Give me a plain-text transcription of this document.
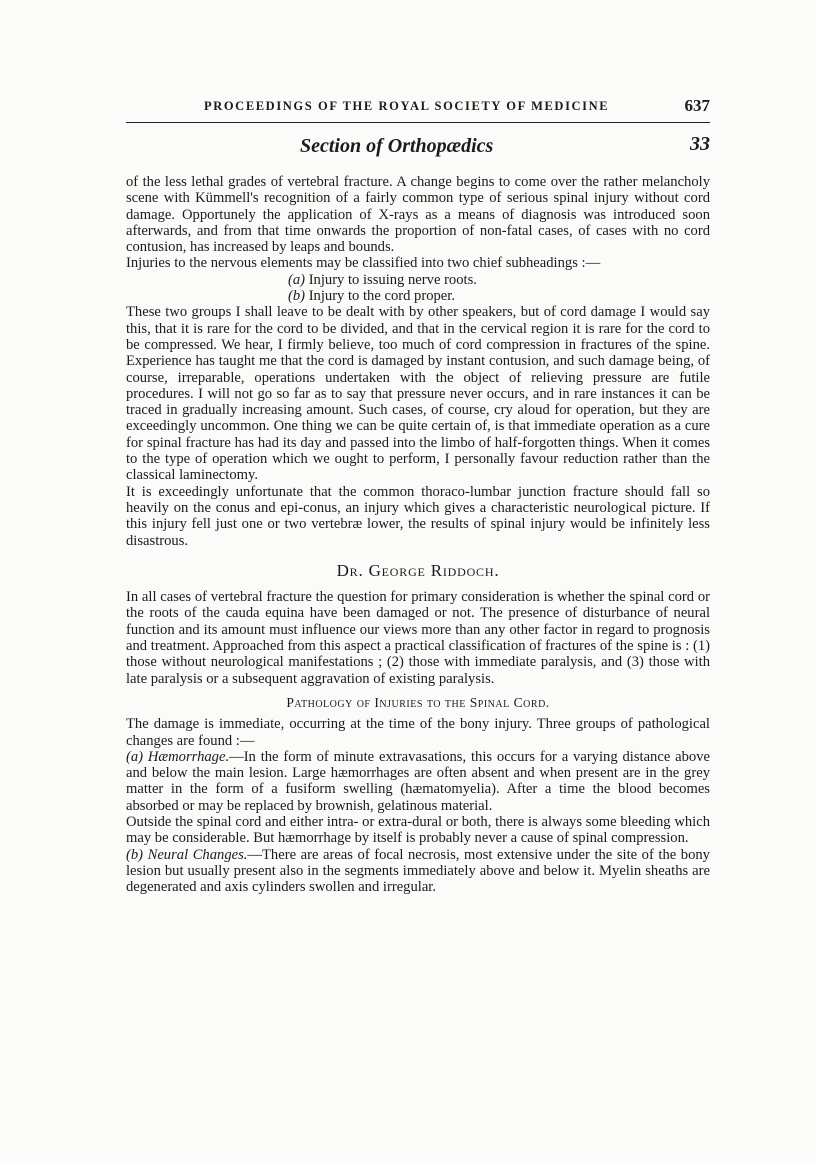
PROCEEDINGS OF THE ROYAL SOCIETY OF MEDICINE	637
Section of Orthopædics	33

of the less lethal grades of vertebral fracture. A change begins to come over the rather melancholy scene with Kümmell's recognition of a fairly common type of serious spinal injury without cord damage. Opportunely the application of X-rays as a means of diagnosis was introduced soon afterwards, and from that time onwards the proportion of non-fatal cases, of cases with no cord contusion, has increased by leaps and bounds.

Injuries to the nervous elements may be classified into two chief subheadings :—

(a) Injury to issuing nerve roots.
(b) Injury to the cord proper.

These two groups I shall leave to be dealt with by other speakers, but of cord damage I would say this, that it is rare for the cord to be divided, and that in the cervical region it is rare for the cord to be compressed. We hear, I firmly believe, too much of cord compression in fractures of the spine. Experience has taught me that the cord is damaged by instant contusion, and such damage being, of course, irreparable, operations undertaken with the object of relieving pressure are futile procedures. I will not go so far as to say that pressure never occurs, and in rare instances it can be traced in gradually increasing amount. Such cases, of course, cry aloud for operation, but they are exceedingly uncommon. One thing we can be quite certain of, is that immediate operation as a cure for spinal fracture has had its day and passed into the limbo of half-forgotten things. When it comes to the type of operation which we ought to perform, I personally favour reduction rather than the classical laminectomy.

It is exceedingly unfortunate that the common thoraco-lumbar junction fracture should fall so heavily on the conus and epi-conus, an injury which gives a characteristic neurological picture. If this injury fell just one or two vertebræ lower, the results of spinal injury would be infinitely less disastrous.

Dr. George Riddoch.

In all cases of vertebral fracture the question for primary consideration is whether the spinal cord or the roots of the cauda equina have been damaged or not. The presence of disturbance of neural function and its amount must influence our views more than any other factor in regard to prognosis and treatment. Approached from this aspect a practical classification of fractures of the spine is : (1) those without neurological manifestations ; (2) those with immediate paralysis, and (3) those with late paralysis or a subsequent aggravation of existing paralysis.

Pathology of Injuries to the Spinal Cord.

The damage is immediate, occurring at the time of the bony injury. Three groups of pathological changes are found :—

(a) Hæmorrhage.—In the form of minute extravasations, this occurs for a varying distance above and below the main lesion. Large hæmorrhages are often absent and when present are in the grey matter in the form of a fusiform swelling (hæmatomyelia). After a time the blood becomes absorbed or may be replaced by brownish, gelatinous material.

Outside the spinal cord and either intra- or extra-dural or both, there is always some bleeding which may be considerable. But hæmorrhage by itself is probably never a cause of spinal compression.

(b) Neural Changes.—There are areas of focal necrosis, most extensive under the site of the bony lesion but usually present also in the segments immediately above and below it. Myelin sheaths are degenerated and axis cylinders swollen and irregular.
